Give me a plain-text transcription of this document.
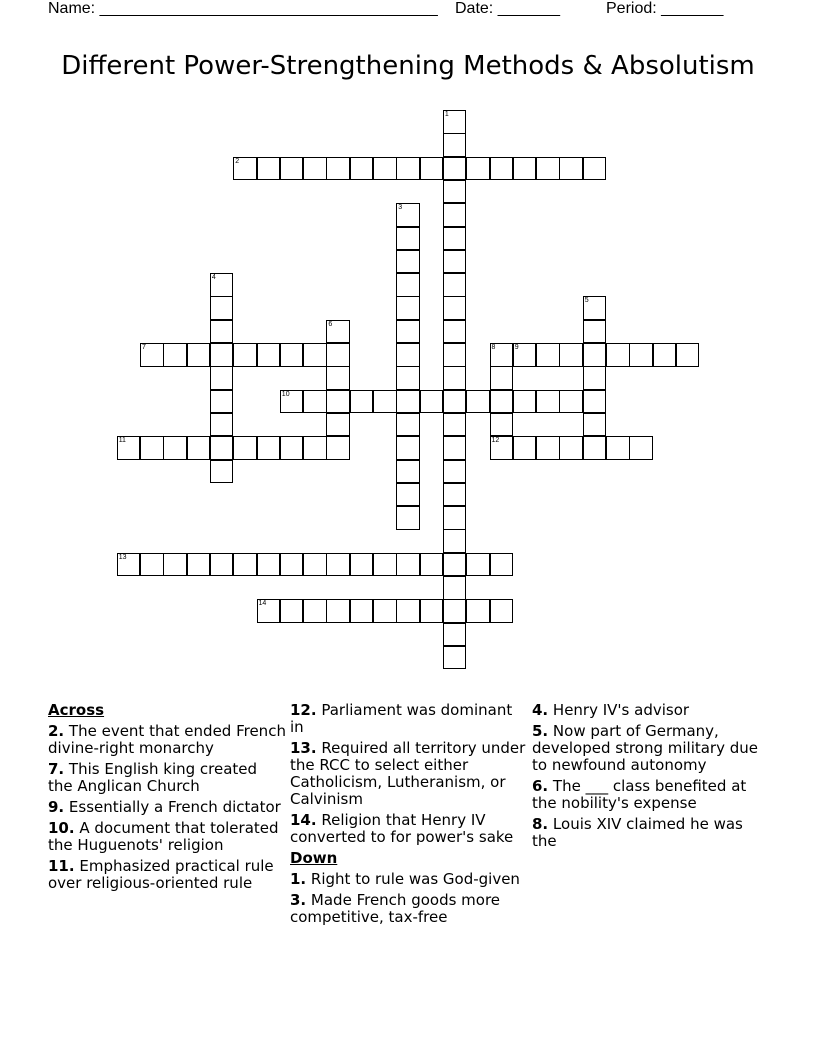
Name: ______________________________________ Date: _______	Period: _______
Different Power-Strengthening Methods & Absolutism
1
2
3
4
5
6
7	8
12
9
10
11
13
14
Across
2. The event that ended French divine-right monarchy
7. This English king created the Anglican Church
9. Essentially a French dictator
10. A document that tolerated the Huguenots' religion
11. Emphasized practical rule over religious-oriented rule
12. Parliament was dominant in
13. Required all territory under the RCC to select either Catholicism, Lutheranism, or Calvinism
14. Religion that Henry IV converted to for power's sake
Down
1. Right to rule was God-given
3. Made French goods more competitive, tax-free
4. Henry IV's advisor
5. Now part of Germany, developed strong military due to newfound autonomy
6. The ___ class benefited at the nobility's expense
8. Louis XIV claimed he was the
